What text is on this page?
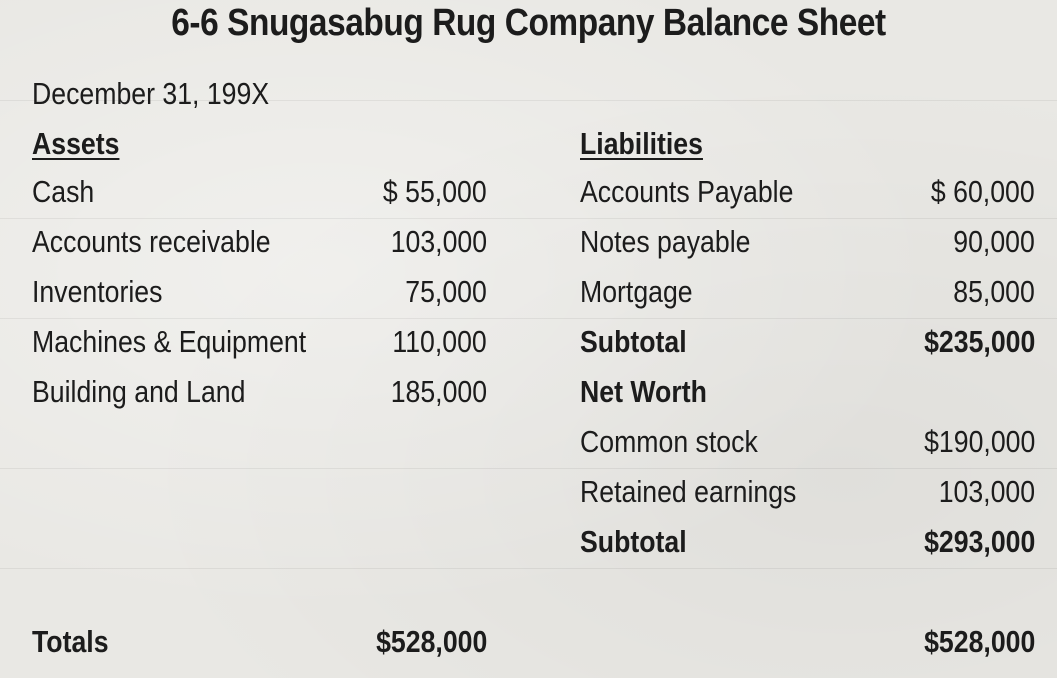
6-6 Snugasabug Rug Company Balance Sheet
December 31, 199X
Assets
Cash	$ 55,000
Accounts receivable	103,000
Inventories	75,000
Machines & Equipment	110,000
Building and Land	185,000
Liabilities
Accounts Payable	$ 60,000
Notes payable	90,000
Mortgage	85,000
Subtotal	$235,000
Net Worth
Common stock	$190,000
Retained earnings	103,000
Subtotal	$293,000
Totals	$528,000	$528,000
